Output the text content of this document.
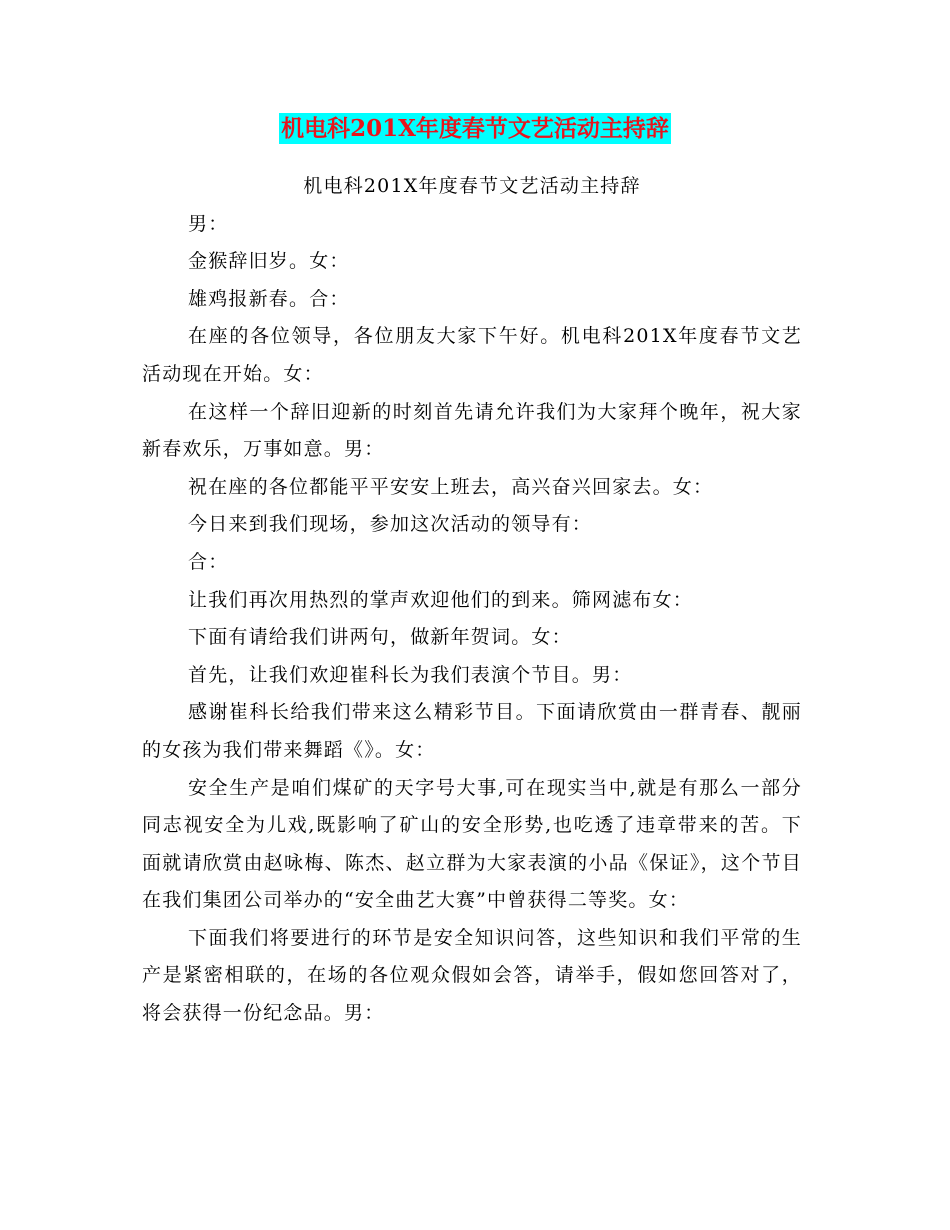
机电科201X年度春节文艺活动主持辞

机电科201X年度春节文艺活动主持辞

男：

金猴辞旧岁。女：

雄鸡报新春。合：

在座的各位领导，各位朋友大家下午好。机电科201X年度春节文艺活动现在开始。女：

在这样一个辞旧迎新的时刻首先请允许我们为大家拜个晚年，祝大家新春欢乐，万事如意。男：

祝在座的各位都能平平安安上班去，高兴奋兴回家去。女：

今日来到我们现场，参加这次活动的领导有：

合：

让我们再次用热烈的掌声欢迎他们的到来。筛网滤布女：

下面有请给我们讲两句，做新年贺词。女：

首先，让我们欢迎崔科长为我们表演个节目。男：

感谢崔科长给我们带来这么精彩节目。下面请欣赏由一群青春、靓丽的女孩为我们带来舞蹈《》。女：

安全生产是咱们煤矿的天字号大事,可在现实当中,就是有那么一部分同志视安全为儿戏,既影响了矿山的安全形势,也吃透了违章带来的苦。下面就请欣赏由赵咏梅、陈杰、赵立群为大家表演的小品《保证》，这个节目在我们集团公司举办的“安全曲艺大赛”中曾获得二等奖。女：

下面我们将要进行的环节是安全知识问答，这些知识和我们平常的生产是紧密相联的，在场的各位观众假如会答，请举手，假如您回答对了，将会获得一份纪念品。男：
